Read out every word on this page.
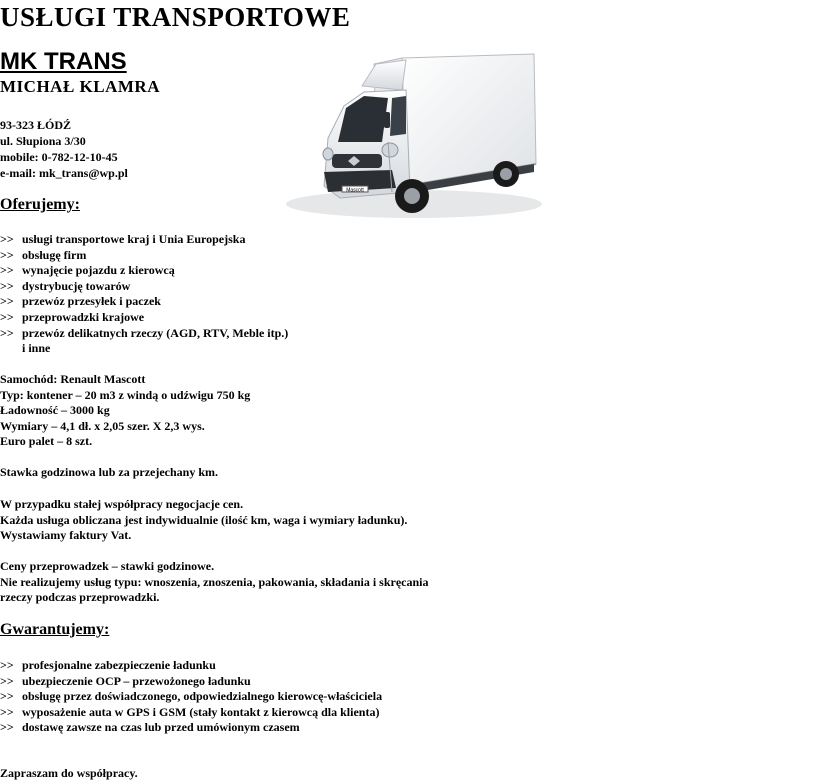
USŁUGI TRANSPORTOWE
MK TRANS
MICHAŁ KLAMRA
93-323 ŁÓDŹ
ul. Słupiona 3/30
mobile: 0-782-12-10-45
e-mail: mk_trans@wp.pl
Mascott
Oferujemy:
>> usługi transportowe kraj i Unia Europejska
>> obsługę firm
>> wynajęcie pojazdu z kierowcą
>> dystrybucję towarów
>> przewóz przesyłek i paczek
>> przeprowadzki krajowe
>> przewóz delikatnych rzeczy (AGD, RTV, Meble itp.)
i inne
Samochód: Renault Mascott
Typ: kontener – 20 m3 z windą o udźwigu 750 kg
Ładowność – 3000 kg
Wymiary – 4,1 dł. x 2,05 szer. X 2,3 wys.
Euro palet – 8 szt.
Stawka godzinowa lub za przejechany km.
W przypadku stałej współpracy negocjacje cen.
Każda usługa obliczana jest indywidualnie (ilość km, waga i wymiary ładunku).
Wystawiamy faktury Vat.
Ceny przeprowadzek – stawki godzinowe.
Nie realizujemy usług typu: wnoszenia, znoszenia, pakowania, składania i skręcania
rzeczy podczas przeprowadzki.
Gwarantujemy:
>> profesjonalne zabezpieczenie ładunku
>> ubezpieczenie OCP – przewożonego ładunku
>> obsługę przez doświadczonego, odpowiedzialnego kierowcę-właściciela
>> wyposażenie auta w GPS i GSM (stały kontakt z kierowcą dla klienta)
>> dostawę zawsze na czas lub przed umówionym czasem
Zapraszam do współpracy.
